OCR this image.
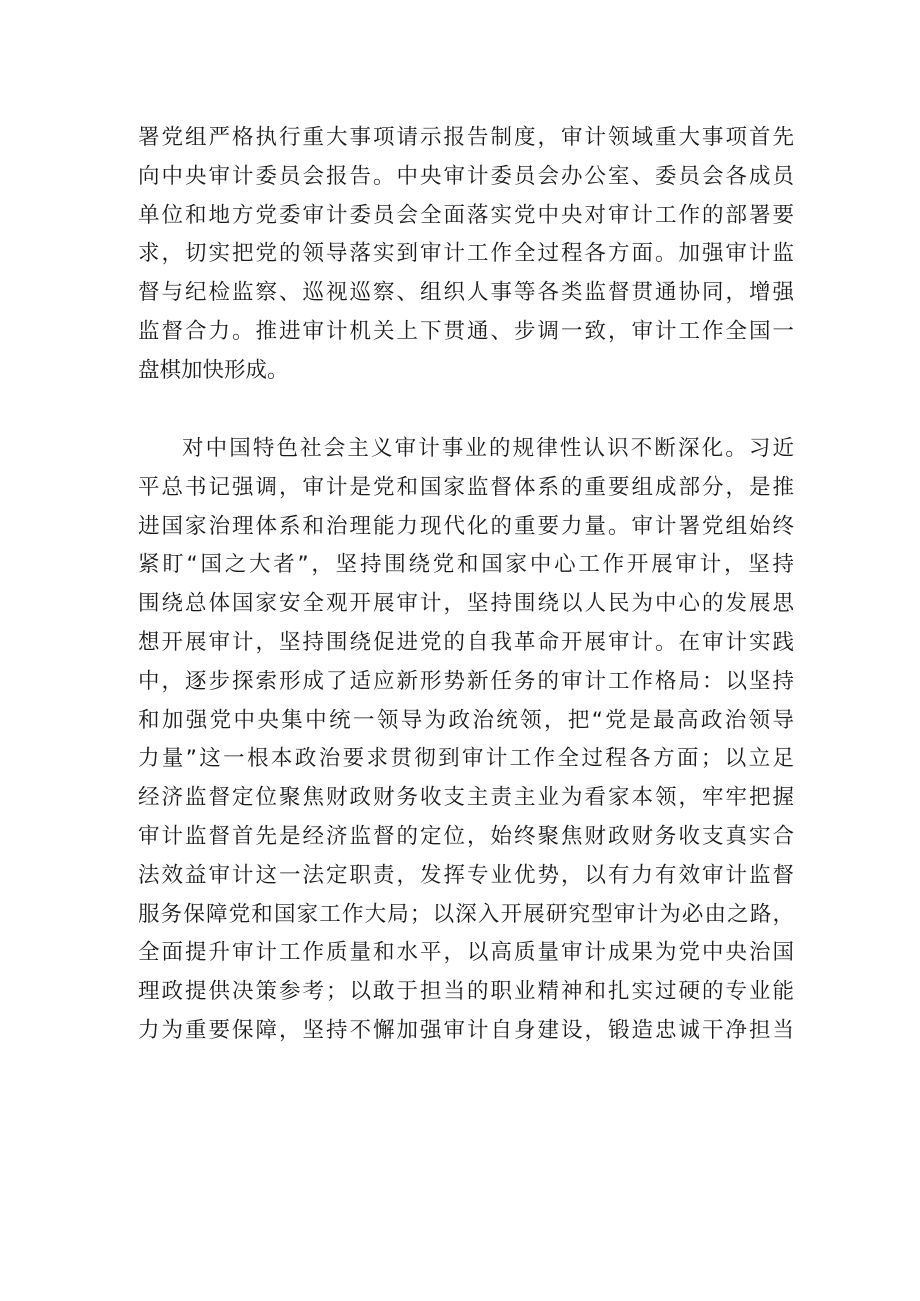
署党组严格执行重大事项请示报告制度，审计领域重大事项首先
向中央审计委员会报告。中央审计委员会办公室、委员会各成员
单位和地方党委审计委员会全面落实党中央对审计工作的部署要
求，切实把党的领导落实到审计工作全过程各方面。加强审计监
督与纪检监察、巡视巡察、组织人事等各类监督贯通协同，增强
监督合力。推进审计机关上下贯通、步调一致，审计工作全国一
盘棋加快形成。
对中国特色社会主义审计事业的规律性认识不断深化。习近
平总书记强调，审计是党和国家监督体系的重要组成部分，是推
进国家治理体系和治理能力现代化的重要力量。审计署党组始终
紧盯“国之大者”，坚持围绕党和国家中心工作开展审计，坚持
围绕总体国家安全观开展审计，坚持围绕以人民为中心的发展思
想开展审计，坚持围绕促进党的自我革命开展审计。在审计实践
中，逐步探索形成了适应新形势新任务的审计工作格局：以坚持
和加强党中央集中统一领导为政治统领，把“党是最高政治领导
力量”这一根本政治要求贯彻到审计工作全过程各方面；以立足
经济监督定位聚焦财政财务收支主责主业为看家本领，牢牢把握
审计监督首先是经济监督的定位，始终聚焦财政财务收支真实合
法效益审计这一法定职责，发挥专业优势，以有力有效审计监督
服务保障党和国家工作大局；以深入开展研究型审计为必由之路，
全面提升审计工作质量和水平，以高质量审计成果为党中央治国
理政提供决策参考；以敢于担当的职业精神和扎实过硬的专业能
力为重要保障，坚持不懈加强审计自身建设，锻造忠诚干净担当
